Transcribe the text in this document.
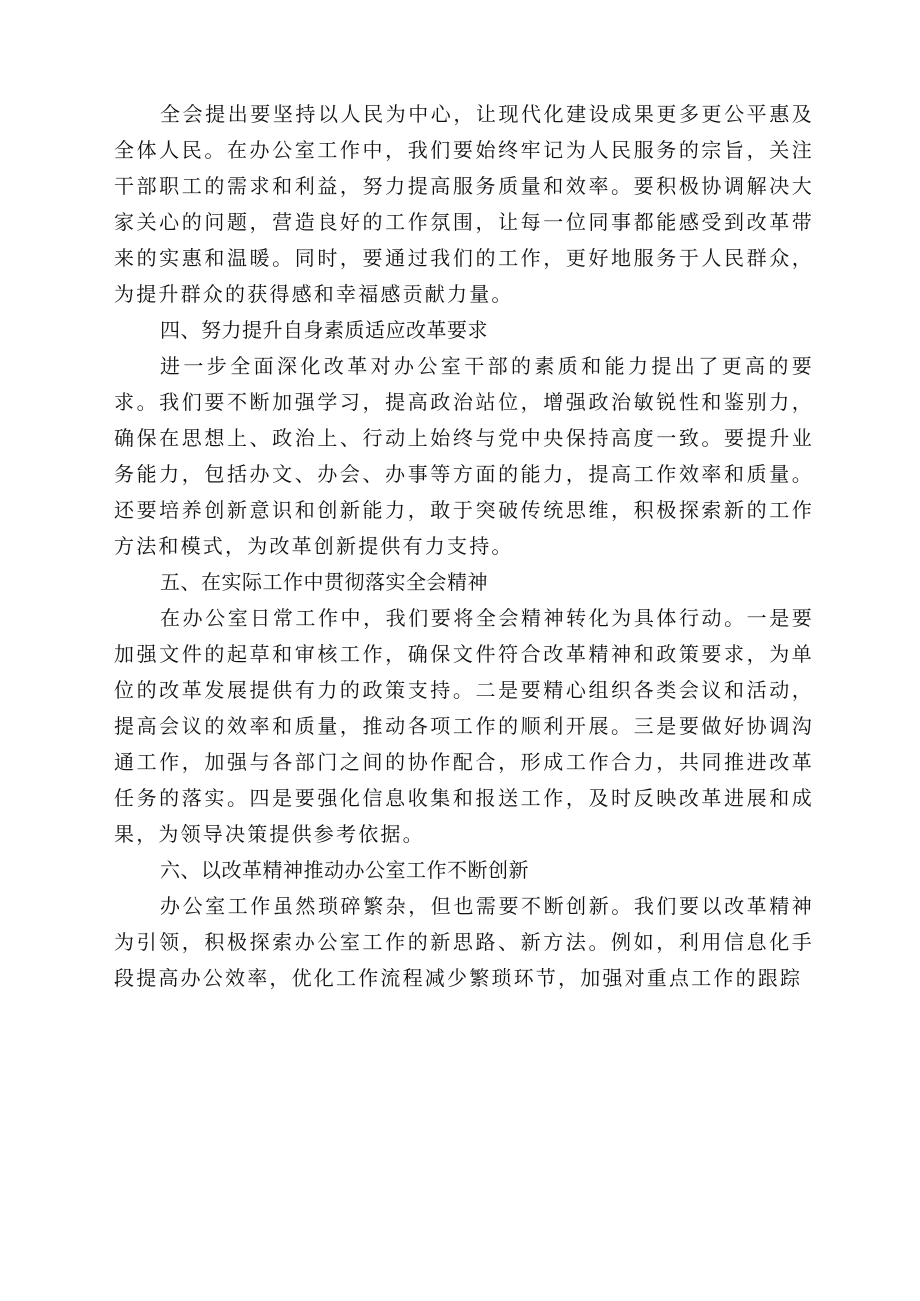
全会提出要坚持以人民为中心，让现代化建设成果更多更公平惠及全体人民。在办公室工作中，我们要始终牢记为人民服务的宗旨，关注干部职工的需求和利益，努力提高服务质量和效率。要积极协调解决大家关心的问题，营造良好的工作氛围，让每一位同事都能感受到改革带来的实惠和温暖。同时，要通过我们的工作，更好地服务于人民群众，为提升群众的获得感和幸福感贡献力量。

四、努力提升自身素质适应改革要求

进一步全面深化改革对办公室干部的素质和能力提出了更高的要求。我们要不断加强学习，提高政治站位，增强政治敏锐性和鉴别力，确保在思想上、政治上、行动上始终与党中央保持高度一致。要提升业务能力，包括办文、办会、办事等方面的能力，提高工作效率和质量。还要培养创新意识和创新能力，敢于突破传统思维，积极探索新的工作方法和模式，为改革创新提供有力支持。

五、在实际工作中贯彻落实全会精神

在办公室日常工作中，我们要将全会精神转化为具体行动。一是要加强文件的起草和审核工作，确保文件符合改革精神和政策要求，为单位的改革发展提供有力的政策支持。二是要精心组织各类会议和活动，提高会议的效率和质量，推动各项工作的顺利开展。三是要做好协调沟通工作，加强与各部门之间的协作配合，形成工作合力，共同推进改革任务的落实。四是要强化信息收集和报送工作，及时反映改革进展和成果，为领导决策提供参考依据。

六、以改革精神推动办公室工作不断创新

办公室工作虽然琐碎繁杂，但也需要不断创新。我们要以改革精神为引领，积极探索办公室工作的新思路、新方法。例如，利用信息化手段提高办公效率，优化工作流程减少繁琐环节，加强对重点工作的跟踪
